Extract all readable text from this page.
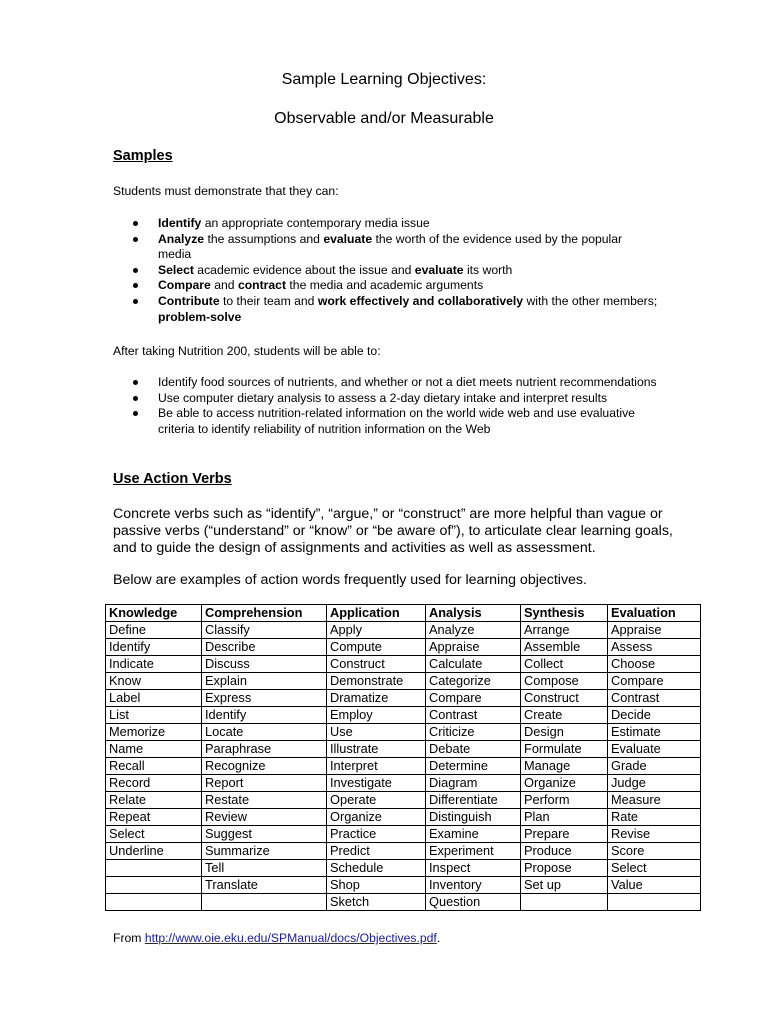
Sample Learning Objectives:
Observable and/or Measurable
Samples
Students must demonstrate that they can:
Identify an appropriate contemporary media issue
Analyze the assumptions and evaluate the worth of the evidence used by the popular media
Select academic evidence about the issue and evaluate its worth
Compare and contract the media and academic arguments
Contribute to their team and work effectively and collaboratively with the other members; problem-solve
After taking Nutrition 200, students will be able to:
Identify food sources of nutrients, and whether or not a diet meets nutrient recommendations
Use computer dietary analysis to assess a 2-day dietary intake and interpret results
Be able to access nutrition-related information on the world wide web and use evaluative criteria to identify reliability of nutrition information on the Web
Use Action Verbs
Concrete verbs such as “identify”, “argue,” or “construct” are more helpful than vague or passive verbs (“understand” or “know” or “be aware of”), to articulate clear learning goals, and to guide the design of assignments and activities as well as assessment.
Below are examples of action words frequently used for learning objectives.
Knowledge	Comprehension	Application	Analysis	Synthesis	Evaluation
Define	Classify	Apply	Analyze	Arrange	Appraise
Identify	Describe	Compute	Appraise	Assemble	Assess
Indicate	Discuss	Construct	Calculate	Collect	Choose
Know	Explain	Demonstrate	Categorize	Compose	Compare
Label	Express	Dramatize	Compare	Construct	Contrast
List	Identify	Employ	Contrast	Create	Decide
Memorize	Locate	Use	Criticize	Design	Estimate
Name	Paraphrase	Illustrate	Debate	Formulate	Evaluate
Recall	Recognize	Interpret	Determine	Manage	Grade
Record	Report	Investigate	Diagram	Organize	Judge
Relate	Restate	Operate	Differentiate	Perform	Measure
Repeat	Review	Organize	Distinguish	Plan	Rate
Select	Suggest	Practice	Examine	Prepare	Revise
Underline	Summarize	Predict	Experiment	Produce	Score
	Tell	Schedule	Inspect	Propose	Select
	Translate	Shop	Inventory	Set up	Value
		Sketch	Question		
From http://www.oie.eku.edu/SPManual/docs/Objectives.pdf.
